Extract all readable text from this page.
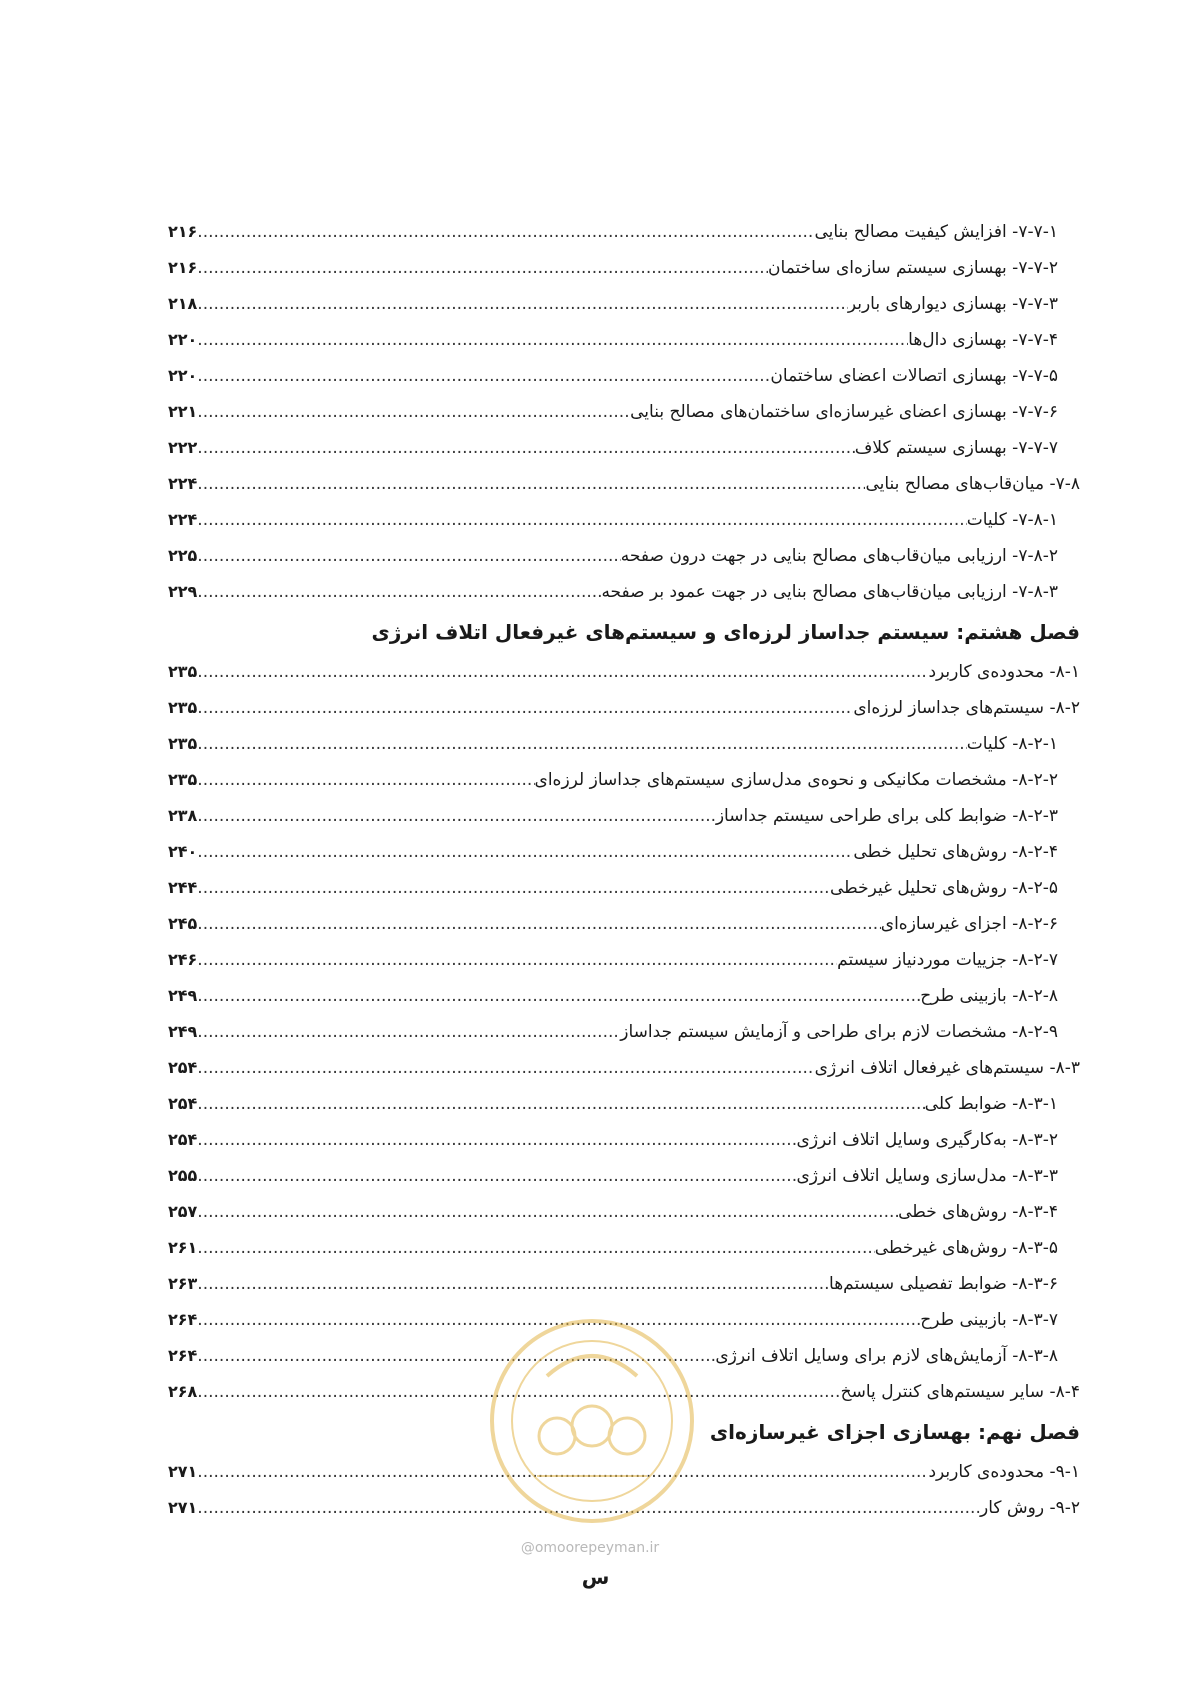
۷-۷-۱- افزایش کیفیت مصالح بنایی
.....
۲۱۶
۷-۷-۲- بهسازی سیستم سازه‌ای ساختمان
.....
۲۱۶
۷-۷-۳- بهسازی دیوارهای باربر
.....
۲۱۸
۷-۷-۴- بهسازی دال‌ها
.....
۲۲۰
۷-۷-۵- بهسازی اتصالات اعضای ساختمان
.....
۲۲۰
۷-۷-۶- بهسازی اعضای غیرسازه‌ای ساختمان‌های مصالح بنایی
.....
۲۲۱
۷-۷-۷- بهسازی سیستم کلاف
.....
۲۲۲
۷-۸- میان‌قاب‌های مصالح بنایی
.....
۲۲۴
۷-۸-۱- کلیات
.....
۲۲۴
۷-۸-۲- ارزیابی میان‌قاب‌های مصالح بنایی در جهت درون صفحه
.....
۲۲۵
۷-۸-۳- ارزیابی میان‌قاب‌های مصالح بنایی در جهت عمود بر صفحه
.....
۲۲۹
فصل هشتم: سیستم جداساز لرزه‌ای و سیستم‌های غیرفعال اتلاف انرژی
۸-۱- محدوده‌ی کاربرد
.....
۲۳۵
۸-۲- سیستم‌های جداساز لرزه‌ای
.....
۲۳۵
۸-۲-۱- کلیات
.....
۲۳۵
۸-۲-۲- مشخصات مکانیکی و نحوه‌ی مدل‌سازی سیستم‌های جداساز لرزه‌ای
.....
۲۳۵
۸-۲-۳- ضوابط کلی برای طراحی سیستم جداساز
.....
۲۳۸
۸-۲-۴- روش‌های تحلیل خطی
.....
۲۴۰
۸-۲-۵- روش‌های تحلیل غیرخطی
.....
۲۴۴
۸-۲-۶- اجزای غیرسازه‌ای
.....
۲۴۵
۸-۲-۷- جزییات موردنیاز سیستم
.....
۲۴۶
۸-۲-۸- بازبینی طرح
.....
۲۴۹
۸-۲-۹- مشخصات لازم برای طراحی و آزمایش سیستم جداساز
.....
۲۴۹
۸-۳- سیستم‌های غیرفعال اتلاف انرژی
.....
۲۵۴
۸-۳-۱- ضوابط کلی
.....
۲۵۴
۸-۳-۲- به‌کارگیری وسایل اتلاف انرژی
.....
۲۵۴
۸-۳-۳- مدل‌سازی وسایل اتلاف انرژی
.....
۲۵۵
۸-۳-۴- روش‌های خطی
.....
۲۵۷
۸-۳-۵- روش‌های غیرخطی
.....
۲۶۱
۸-۳-۶- ضوابط تفصیلی سیستم‌ها
.....
۲۶۳
۸-۳-۷- بازبینی طرح
.....
۲۶۴
۸-۳-۸- آزمایش‌های لازم برای وسایل اتلاف انرژی
.....
۲۶۴
۸-۴- سایر سیستم‌های کنترل پاسخ
.....
۲۶۸
فصل نهم: بهسازی اجزای غیرسازه‌ای
۹-۱- محدوده‌ی کاربرد
.....
۲۷۱
۹-۲- روش کار
.....
۲۷۱
@omoorepeyman.ir
س
